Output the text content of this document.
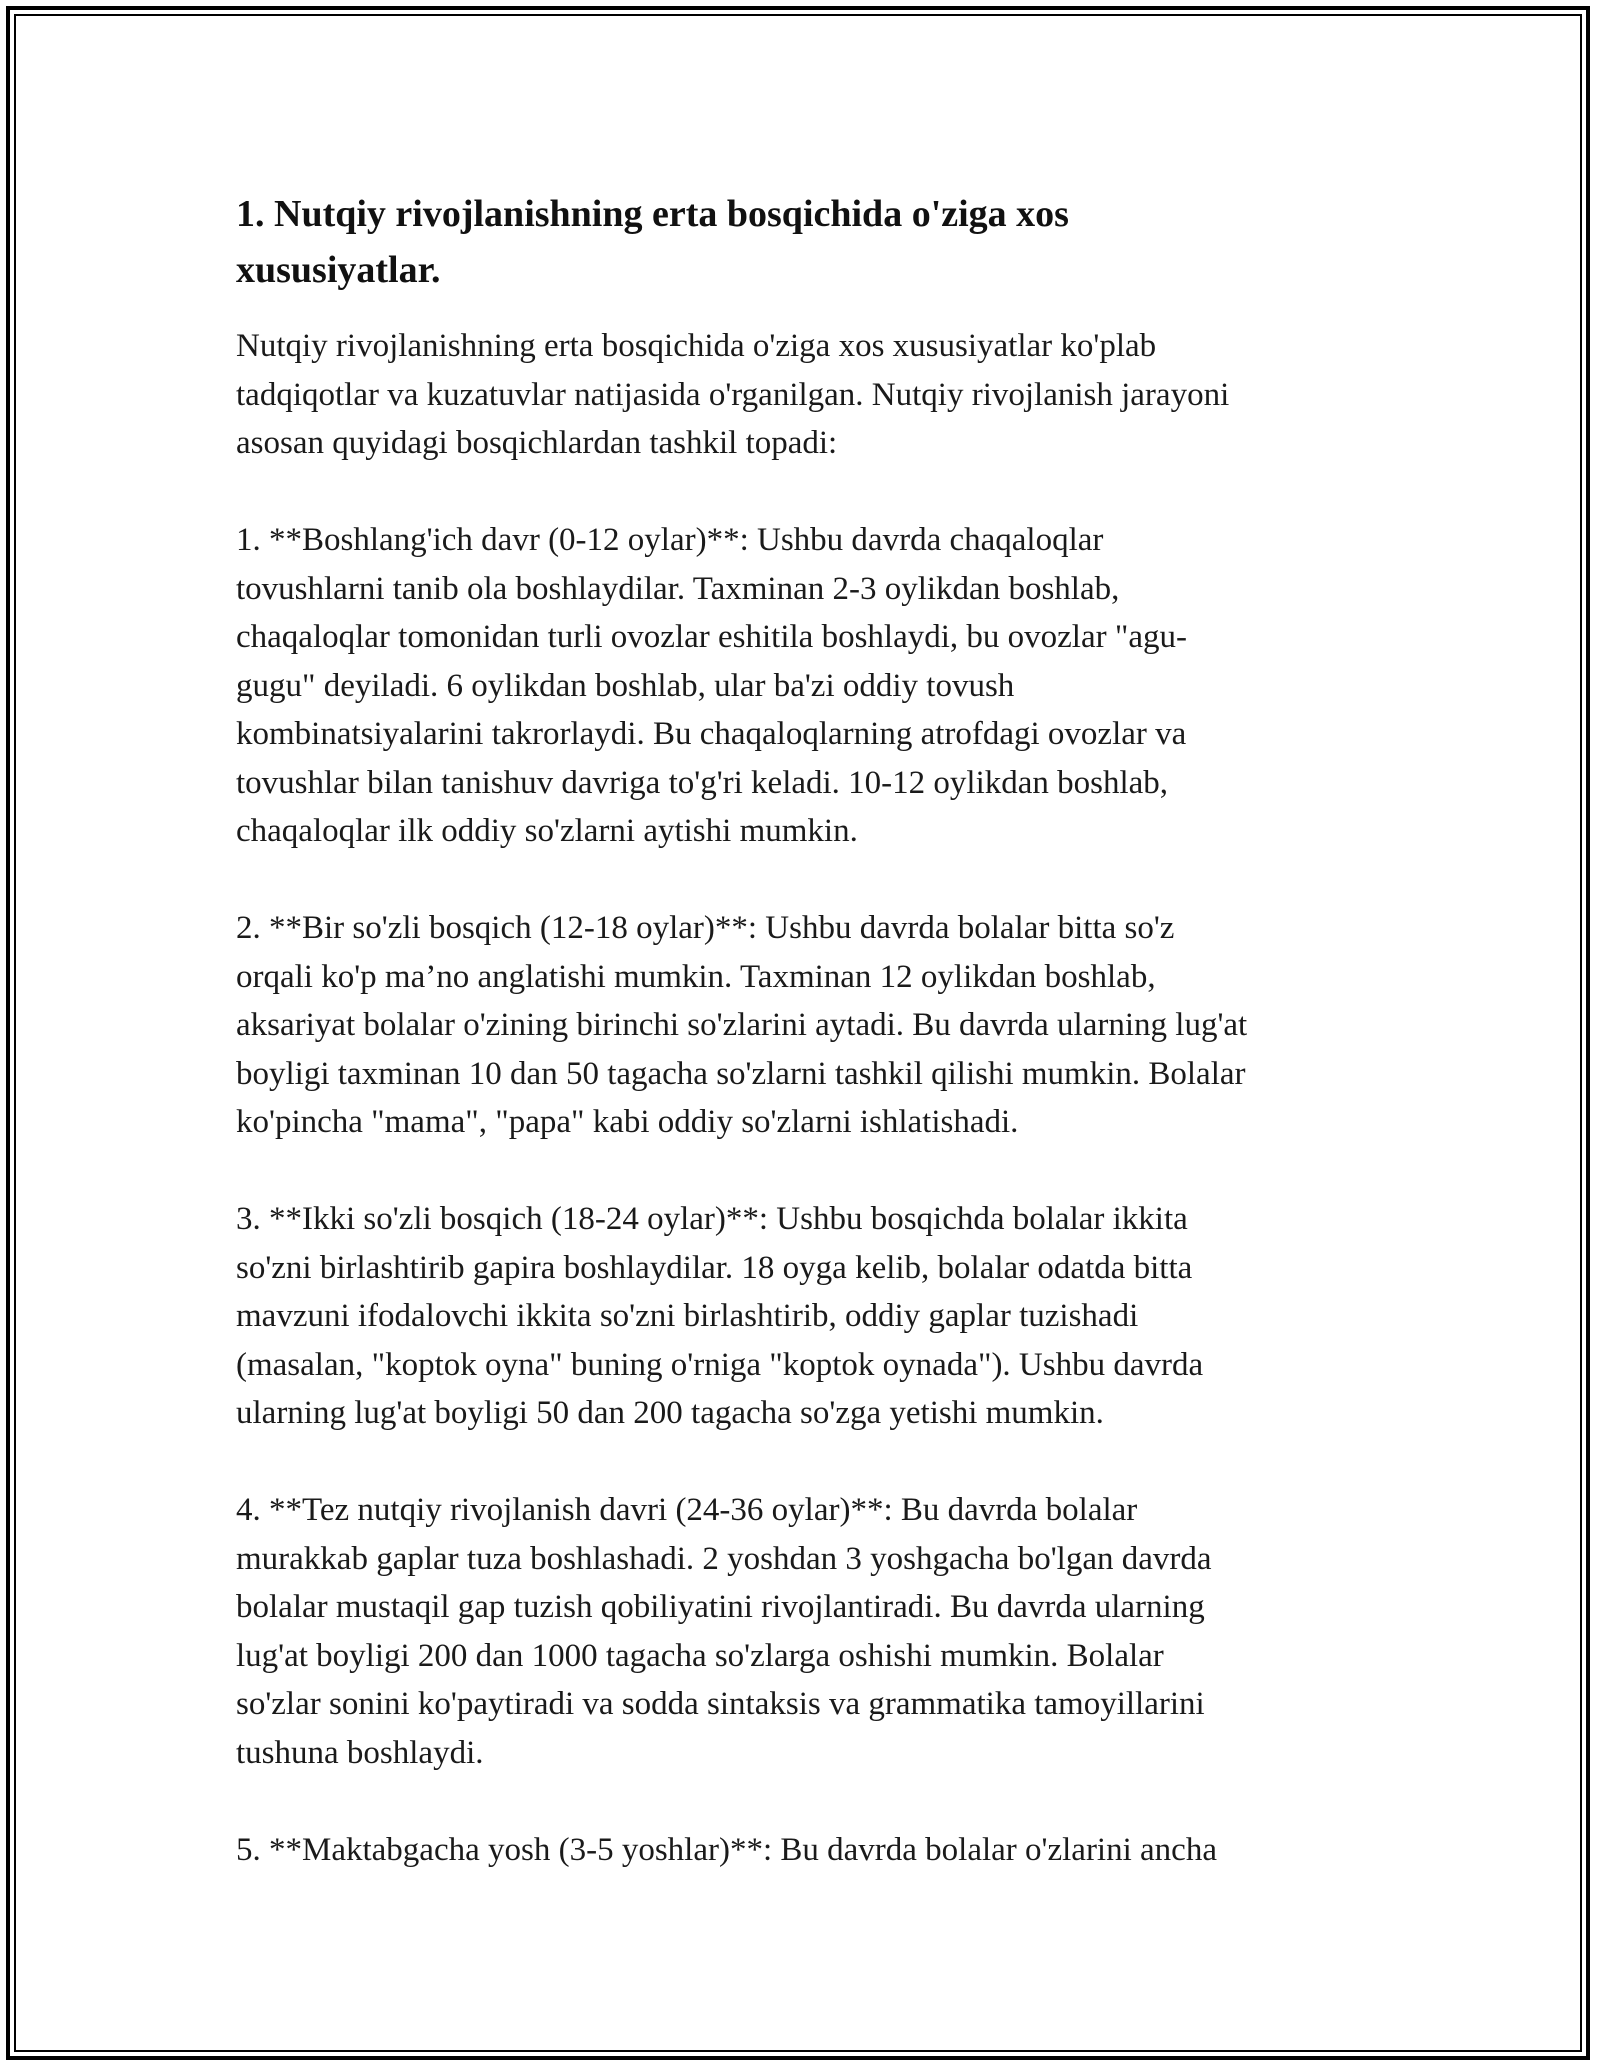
1. Nutqiy rivojlanishning erta bosqichida o'ziga xos
xususiyatlar.
Nutqiy rivojlanishning erta bosqichida o'ziga xos xususiyatlar ko'plab
tadqiqotlar va kuzatuvlar natijasida o'rganilgan. Nutqiy rivojlanish jarayoni
asosan quyidagi bosqichlardan tashkil topadi:
1. **Boshlang'ich davr (0-12 oylar)**: Ushbu davrda chaqaloqlar
tovushlarni tanib ola boshlaydilar. Taxminan 2-3 oylikdan boshlab,
chaqaloqlar tomonidan turli ovozlar eshitila boshlaydi, bu ovozlar "agu-
gugu" deyiladi. 6 oylikdan boshlab, ular ba'zi oddiy tovush
kombinatsiyalarini takrorlaydi. Bu chaqaloqlarning atrofdagi ovozlar va
tovushlar bilan tanishuv davriga to'g'ri keladi. 10-12 oylikdan boshlab,
chaqaloqlar ilk oddiy so'zlarni aytishi mumkin.
2. **Bir so'zli bosqich (12-18 oylar)**: Ushbu davrda bolalar bitta so'z
orqali ko'p ma’no anglatishi mumkin. Taxminan 12 oylikdan boshlab,
aksariyat bolalar o'zining birinchi so'zlarini aytadi. Bu davrda ularning lug'at
boyligi taxminan 10 dan 50 tagacha so'zlarni tashkil qilishi mumkin. Bolalar
ko'pincha "mama", "papa" kabi oddiy so'zlarni ishlatishadi.
3. **Ikki so'zli bosqich (18-24 oylar)**: Ushbu bosqichda bolalar ikkita
so'zni birlashtirib gapira boshlaydilar. 18 oyga kelib, bolalar odatda bitta
mavzuni ifodalovchi ikkita so'zni birlashtirib, oddiy gaplar tuzishadi
(masalan, "koptok oyna" buning o'rniga "koptok oynada"). Ushbu davrda
ularning lug'at boyligi 50 dan 200 tagacha so'zga yetishi mumkin.
4. **Tez nutqiy rivojlanish davri (24-36 oylar)**: Bu davrda bolalar
murakkab gaplar tuza boshlashadi. 2 yoshdan 3 yoshgacha bo'lgan davrda
bolalar mustaqil gap tuzish qobiliyatini rivojlantiradi. Bu davrda ularning
lug'at boyligi 200 dan 1000 tagacha so'zlarga oshishi mumkin. Bolalar
so'zlar sonini ko'paytiradi va sodda sintaksis va grammatika tamoyillarini
tushuna boshlaydi.
5. **Maktabgacha yosh (3-5 yoshlar)**: Bu davrda bolalar o'zlarini ancha
